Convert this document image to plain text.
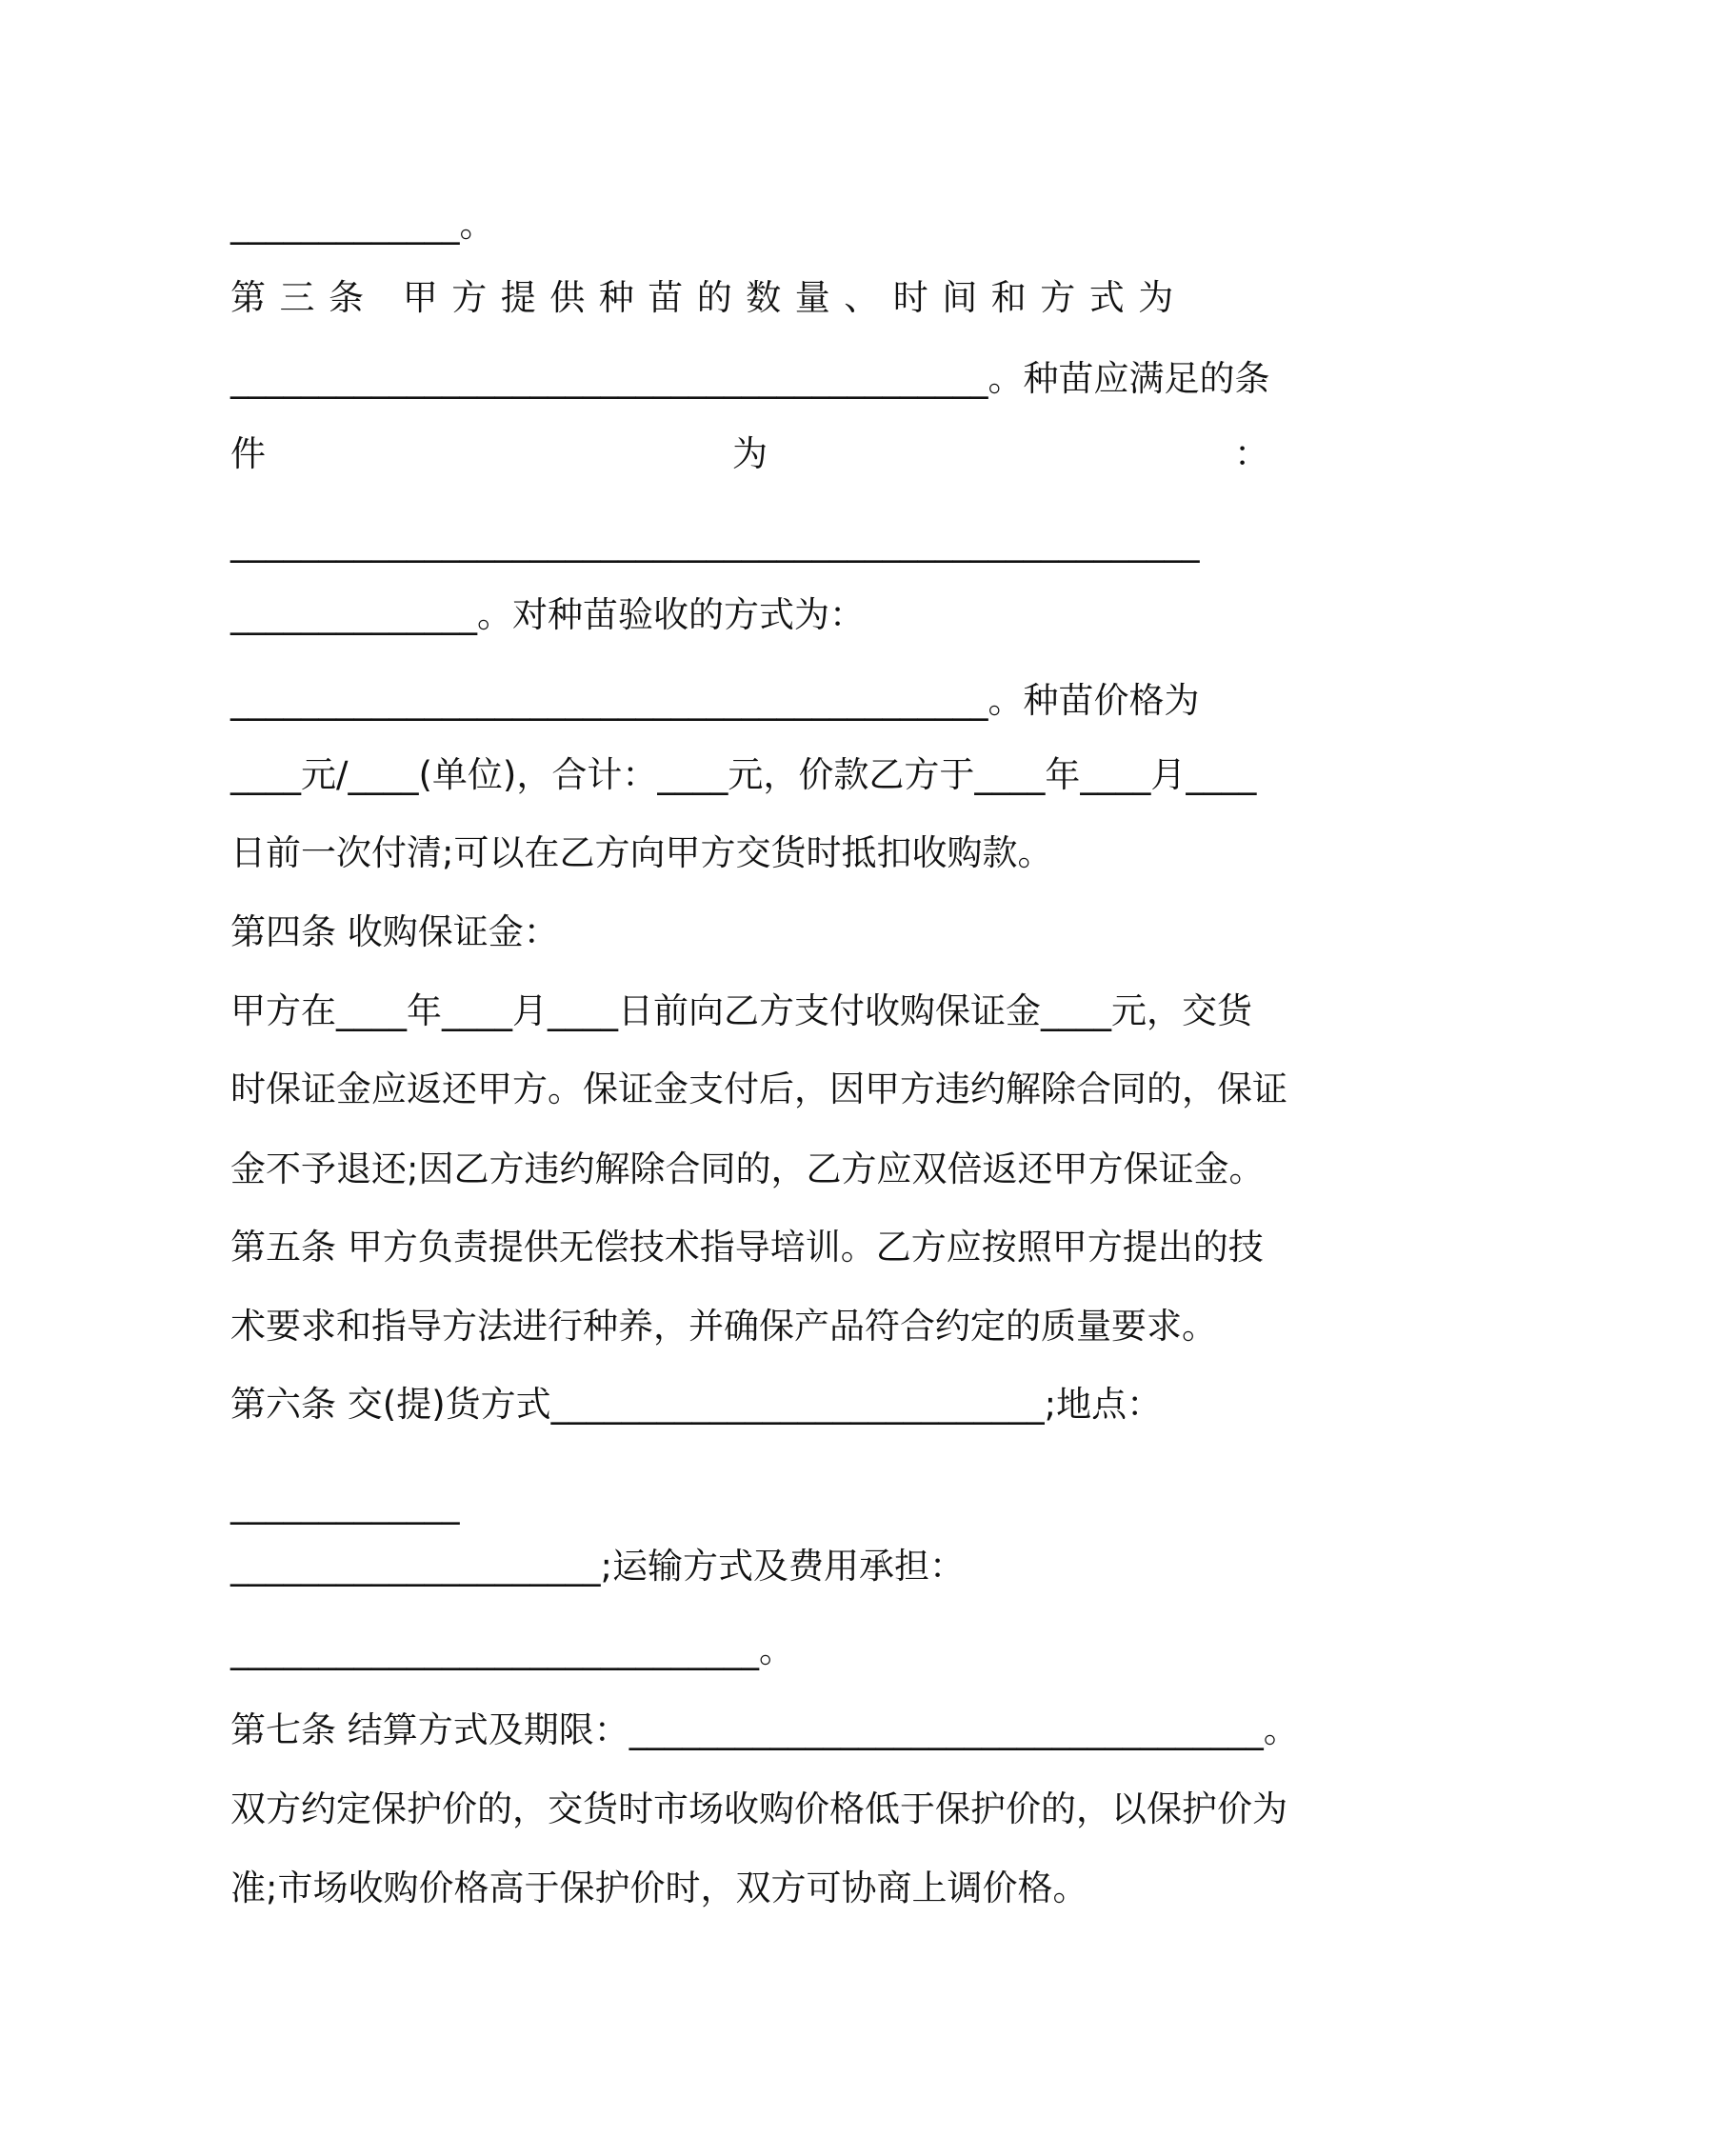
_____________。
第三条 甲方提供种苗的数量、时间和方式为
___________________________________________。种苗应满足的条
件为：
_______________________________________________________
______________。对种苗验收的方式为：
___________________________________________。种苗价格为
____元/____(单位)，合计：____元，价款乙方于____年____月____
日前一次付清;可以在乙方向甲方交货时抵扣收购款。
第四条 收购保证金：
甲方在____年____月____日前向乙方支付收购保证金____元，交货
时保证金应返还甲方。保证金支付后，因甲方违约解除合同的，保证
金不予退还;因乙方违约解除合同的，乙方应双倍返还甲方保证金。
第五条 甲方负责提供无偿技术指导培训。乙方应按照甲方提出的技
术要求和指导方法进行种养，并确保产品符合约定的质量要求。
第六条 交(提)货方式____________________________;地点：
_____________
_____________________;运输方式及费用承担：
______________________________。
第七条 结算方式及期限：____________________________________。
双方约定保护价的，交货时市场收购价格低于保护价的，以保护价为
准;市场收购价格高于保护价时，双方可协商上调价格。
